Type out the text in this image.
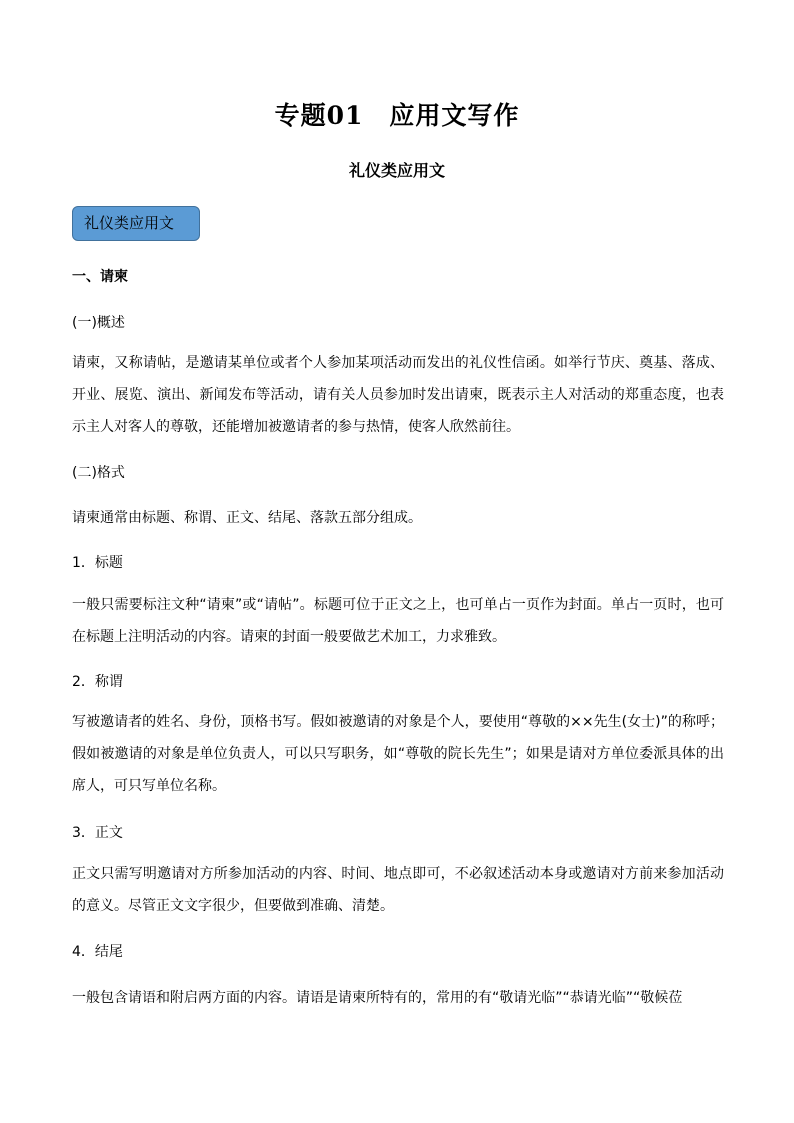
专题01　应用文写作
礼仪类应用文
礼仪类应用文
一、请柬
(一)概述
请柬，又称请帖，是邀请某单位或者个人参加某项活动而发出的礼仪性信函。如举行节庆、奠基、落成、开业、展览、演出、新闻发布等活动，请有关人员参加时发出请柬，既表示主人对活动的郑重态度，也表示主人对客人的尊敬，还能增加被邀请者的参与热情，使客人欣然前往。
(二)格式
请柬通常由标题、称谓、正文、结尾、落款五部分组成。
1．标题
一般只需要标注文种“请柬”或“请帖”。标题可位于正文之上，也可单占一页作为封面。单占一页时，也可在标题上注明活动的内容。请柬的封面一般要做艺术加工，力求雅致。
2．称谓
写被邀请者的姓名、身份，顶格书写。假如被邀请的对象是个人，要使用“尊敬的××先生(女士)”的称呼；假如被邀请的对象是单位负责人，可以只写职务，如“尊敬的院长先生”；如果是请对方单位委派具体的出席人，可只写单位名称。
3．正文
正文只需写明邀请对方所参加活动的内容、时间、地点即可，不必叙述活动本身或邀请对方前来参加活动的意义。尽管正文文字很少，但要做到准确、清楚。
4．结尾
一般包含请语和附启两方面的内容。请语是请柬所特有的，常用的有“敬请光临”“恭请光临”“敬候莅
